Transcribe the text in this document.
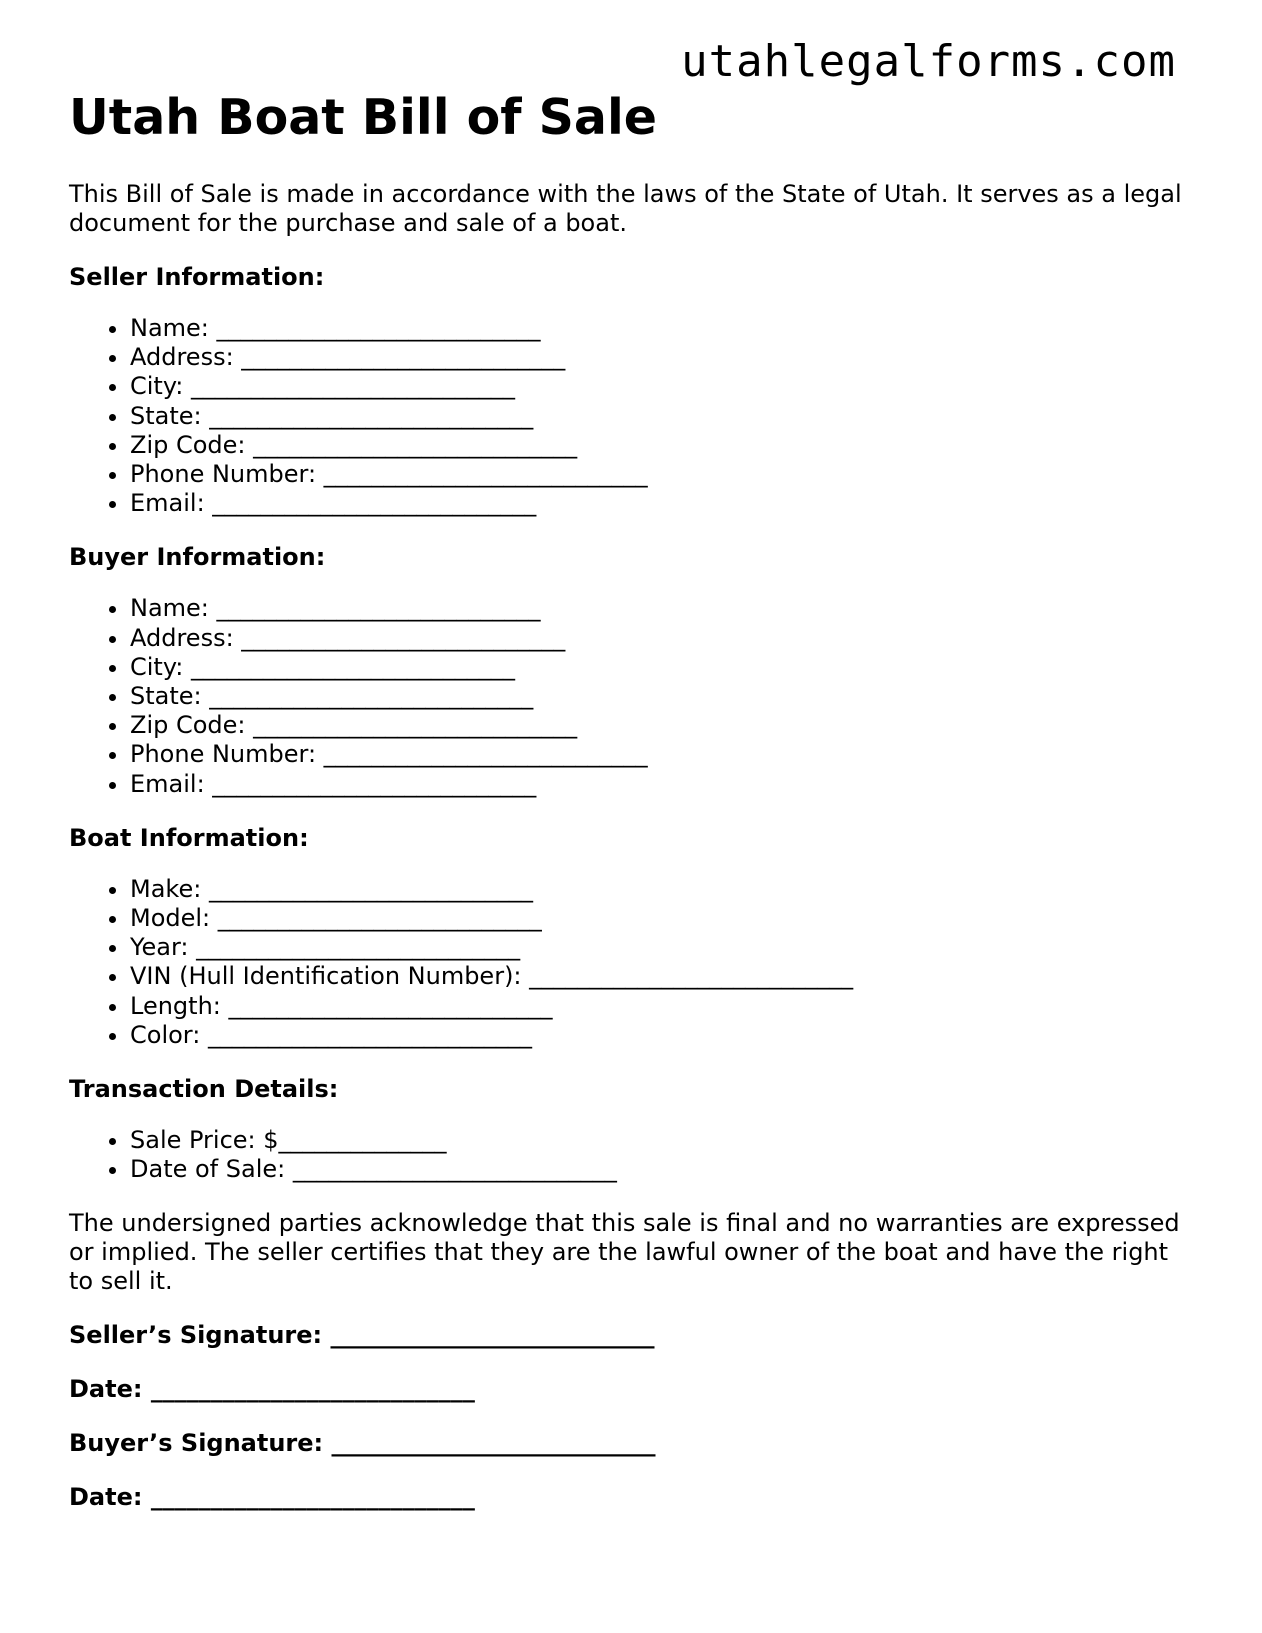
utahlegalforms.com
Utah Boat Bill of Sale

This Bill of Sale is made in accordance with the laws of the State of Utah. It serves as a legal document for the purchase and sale of a boat.

Seller Information:
• Name: ___________________________
• Address: ___________________________
• City: ___________________________
• State: ___________________________
• Zip Code: ___________________________
• Phone Number: ___________________________
• Email: ___________________________
Buyer Information:
• Name: ___________________________
• Address: ___________________________
• City: ___________________________
• State: ___________________________
• Zip Code: ___________________________
• Phone Number: ___________________________
• Email: ___________________________
Boat Information:
• Make: ___________________________
• Model: ___________________________
• Year: ___________________________
• VIN (Hull Identification Number): ___________________________
• Length: ___________________________
• Color: ___________________________
Transaction Details:
• Sale Price: $______________
• Date of Sale: ___________________________

The undersigned parties acknowledge that this sale is final and no warranties are expressed or implied. The seller certifies that they are the lawful owner of the boat and have the right to sell it.

Seller’s Signature: ___________________________
Date: ___________________________
Buyer’s Signature: ___________________________
Date: ___________________________
